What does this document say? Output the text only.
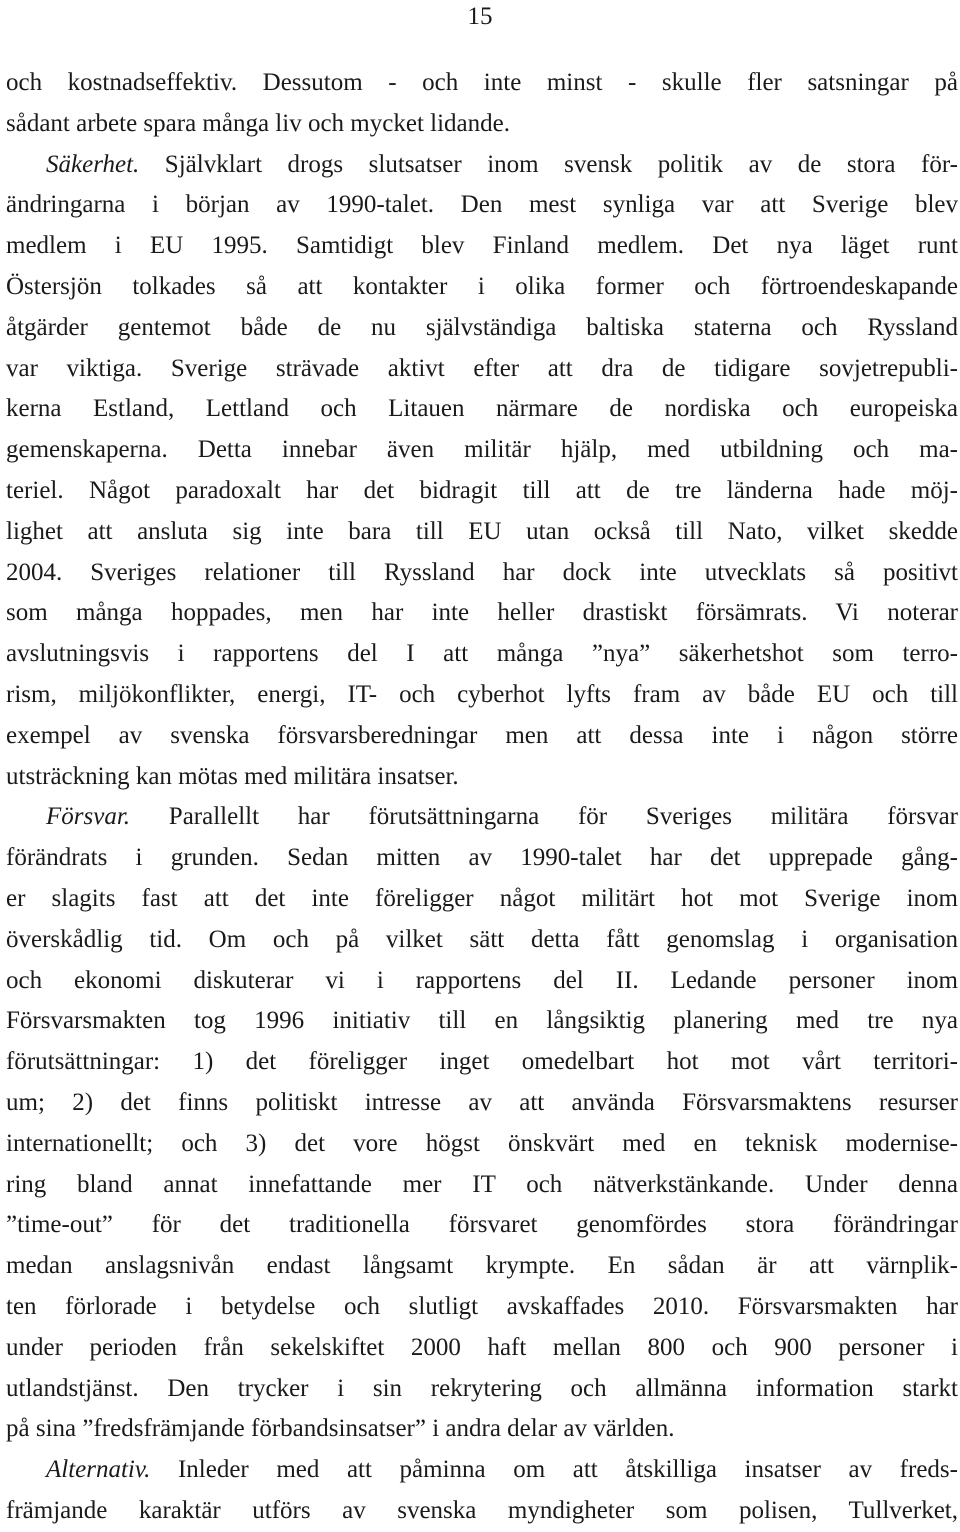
15
och kostnadseffektiv. Dessutom - och inte minst - skulle fler satsningar på
sådant arbete spara många liv och mycket lidande.
Säkerhet. Självklart drogs slutsatser inom svensk politik av de stora för-
ändringarna i början av 1990-talet. Den mest synliga var att Sverige blev
medlem i EU 1995. Samtidigt blev Finland medlem. Det nya läget runt
Östersjön tolkades så att kontakter i olika former och förtroendeskapande
åtgärder gentemot både de nu självständiga baltiska staterna och Ryssland
var viktiga. Sverige strävade aktivt efter att dra de tidigare sovjetrepubli-
kerna Estland, Lettland och Litauen närmare de nordiska och europeiska
gemenskaperna. Detta innebar även militär hjälp, med utbildning och ma-
teriel. Något paradoxalt har det bidragit till att de tre länderna hade möj-
lighet att ansluta sig inte bara till EU utan också till Nato, vilket skedde
2004. Sveriges relationer till Ryssland har dock inte utvecklats så positivt
som många hoppades, men har inte heller drastiskt försämrats. Vi noterar
avslutningsvis i rapportens del I att många ”nya” säkerhetshot som terro-
rism, miljökonflikter, energi, IT- och cyberhot lyfts fram av både EU och till
exempel av svenska försvarsberedningar men att dessa inte i någon större
utsträckning kan mötas med militära insatser.
Försvar. Parallellt har förutsättningarna för Sveriges militära försvar
förändrats i grunden. Sedan mitten av 1990-talet har det upprepade gång-
er slagits fast att det inte föreligger något militärt hot mot Sverige inom
överskådlig tid. Om och på vilket sätt detta fått genomslag i organisation
och ekonomi diskuterar vi i rapportens del II. Ledande personer inom
Försvarsmakten tog 1996 initiativ till en långsiktig planering med tre nya
förutsättningar: 1) det föreligger inget omedelbart hot mot vårt territori-
um; 2) det finns politiskt intresse av att använda Försvarsmaktens resurser
internationellt; och 3) det vore högst önskvärt med en teknisk modernise-
ring bland annat innefattande mer IT och nätverkstänkande. Under denna
”time-out” för det traditionella försvaret genomfördes stora förändringar
medan anslagsnivån endast långsamt krympte. En sådan är att värnplik-
ten förlorade i betydelse och slutligt avskaffades 2010. Försvarsmakten har
under perioden från sekelskiftet 2000 haft mellan 800 och 900 personer i
utlandstjänst. Den trycker i sin rekrytering och allmänna information starkt
på sina ”fredsfrämjande förbandsinsatser” i andra delar av världen.
Alternativ. Inleder med att påminna om att åtskilliga insatser av freds-
främjande karaktär utförs av svenska myndigheter som polisen, Tullverket,
